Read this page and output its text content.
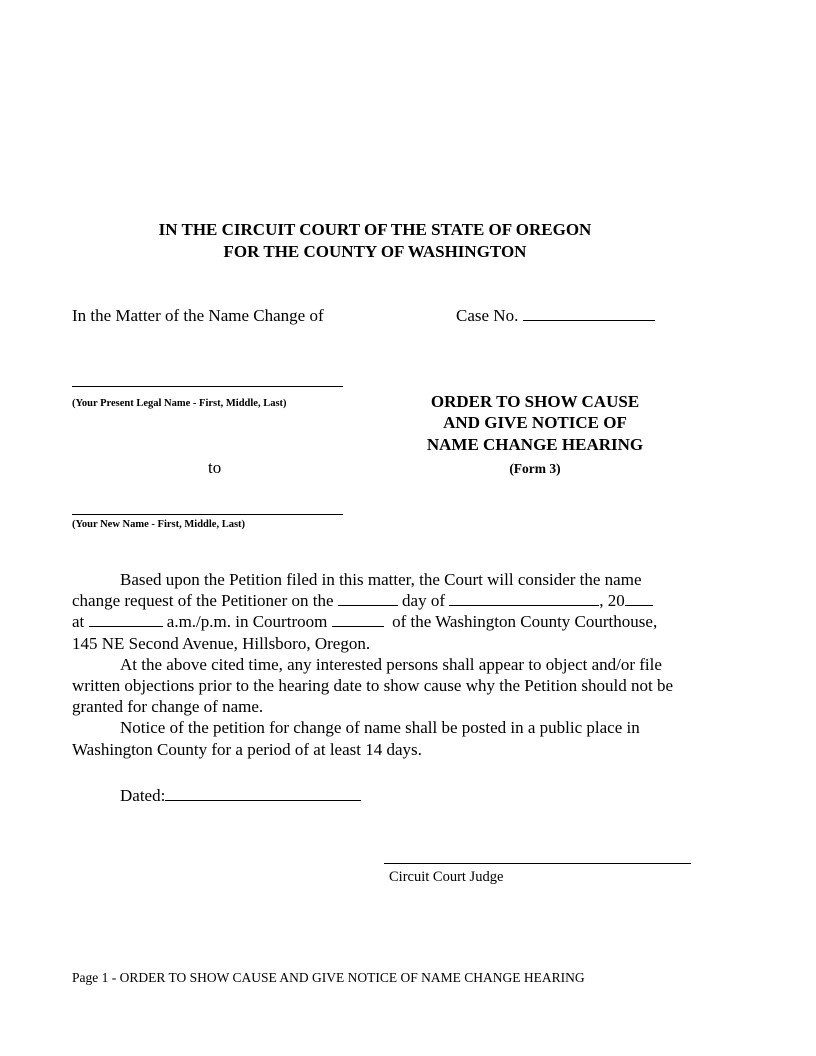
IN THE CIRCUIT COURT OF THE STATE OF OREGON
FOR THE COUNTY OF WASHINGTON
In the Matter of the Name Change of	Case No.
(Your Present Legal Name - First, Middle, Last)
to
(Your New Name - First, Middle, Last)
ORDER TO SHOW CAUSE
AND GIVE NOTICE OF
NAME CHANGE HEARING
(Form 3)

Based upon the Petition filed in this matter, the Court will consider the name

change request of the Petitioner on the	day of	, 20

at	a.m./p.m. in Courtroom	of the Washington County Courthouse,

145 NE Second Avenue, Hillsboro, Oregon.

At the above cited time, any interested persons shall appear to object and/or file

written objections prior to the hearing date to show cause why the Petition should not be

granted for change of name.

Notice of the petition for change of name shall be posted in a public place in

Washington County for a period of at least 14 days.

Dated:
Circuit Court Judge
Page 1 - ORDER TO SHOW CAUSE AND GIVE NOTICE OF NAME CHANGE HEARING
